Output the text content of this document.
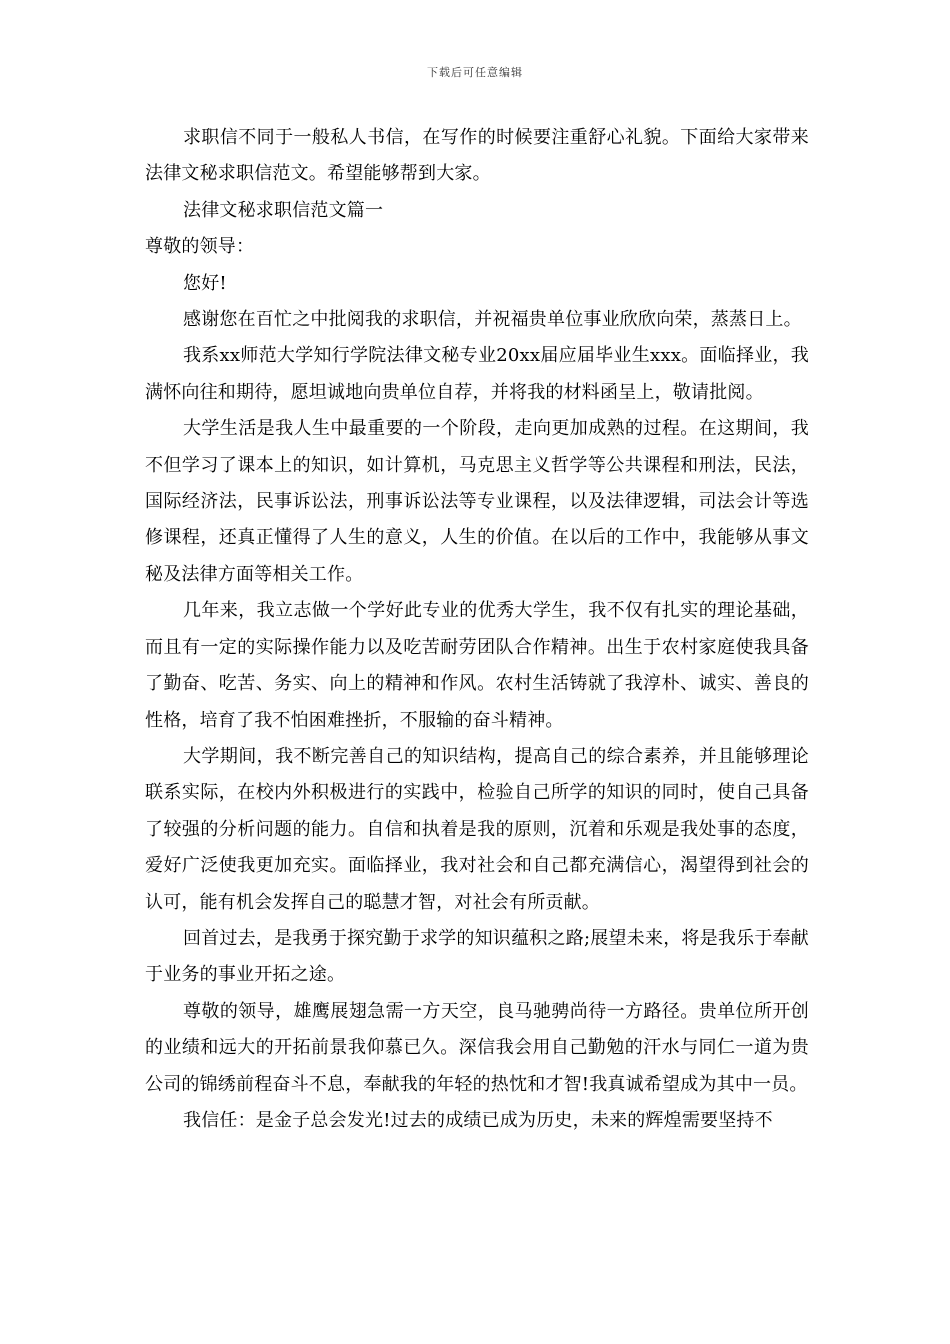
下载后可任意编辑

求职信不同于一般私人书信，在写作的时候要注重舒心礼貌。下面给大家带来法律文秘求职信范文。希望能够帮到大家。

法律文秘求职信范文篇一

尊敬的领导：

您好!

感谢您在百忙之中批阅我的求职信，并祝福贵单位事业欣欣向荣，蒸蒸日上。

我系xx师范大学知行学院法律文秘专业20xx届应届毕业生xxx。面临择业，我满怀向往和期待，愿坦诚地向贵单位自荐，并将我的材料函呈上，敬请批阅。

大学生活是我人生中最重要的一个阶段，走向更加成熟的过程。在这期间，我不但学习了课本上的知识，如计算机，马克思主义哲学等公共课程和刑法，民法，国际经济法，民事诉讼法，刑事诉讼法等专业课程，以及法律逻辑，司法会计等选修课程，还真正懂得了人生的意义，人生的价值。在以后的工作中，我能够从事文秘及法律方面等相关工作。

几年来，我立志做一个学好此专业的优秀大学生，我不仅有扎实的理论基础，而且有一定的实际操作能力以及吃苦耐劳团队合作精神。出生于农村家庭使我具备了勤奋、吃苦、务实、向上的精神和作风。农村生活铸就了我淳朴、诚实、善良的性格，培育了我不怕困难挫折，不服输的奋斗精神。

大学期间，我不断完善自己的知识结构，提高自己的综合素养，并且能够理论联系实际，在校内外积极进行的实践中，检验自己所学的知识的同时，使自己具备了较强的分析问题的能力。自信和执着是我的原则，沉着和乐观是我处事的态度，爱好广泛使我更加充实。面临择业，我对社会和自己都充满信心，渴望得到社会的认可，能有机会发挥自己的聪慧才智，对社会有所贡献。

回首过去，是我勇于探究勤于求学的知识蕴积之路;展望未来，将是我乐于奉献于业务的事业开拓之途。

尊敬的领导，雄鹰展翅急需一方天空，良马驰骋尚待一方路径。贵单位所开创的业绩和远大的开拓前景我仰慕已久。深信我会用自己勤勉的汗水与同仁一道为贵公司的锦绣前程奋斗不息，奉献我的年轻的热忱和才智!我真诚希望成为其中一员。

我信任：是金子总会发光!过去的成绩已成为历史，未来的辉煌需要坚持不
